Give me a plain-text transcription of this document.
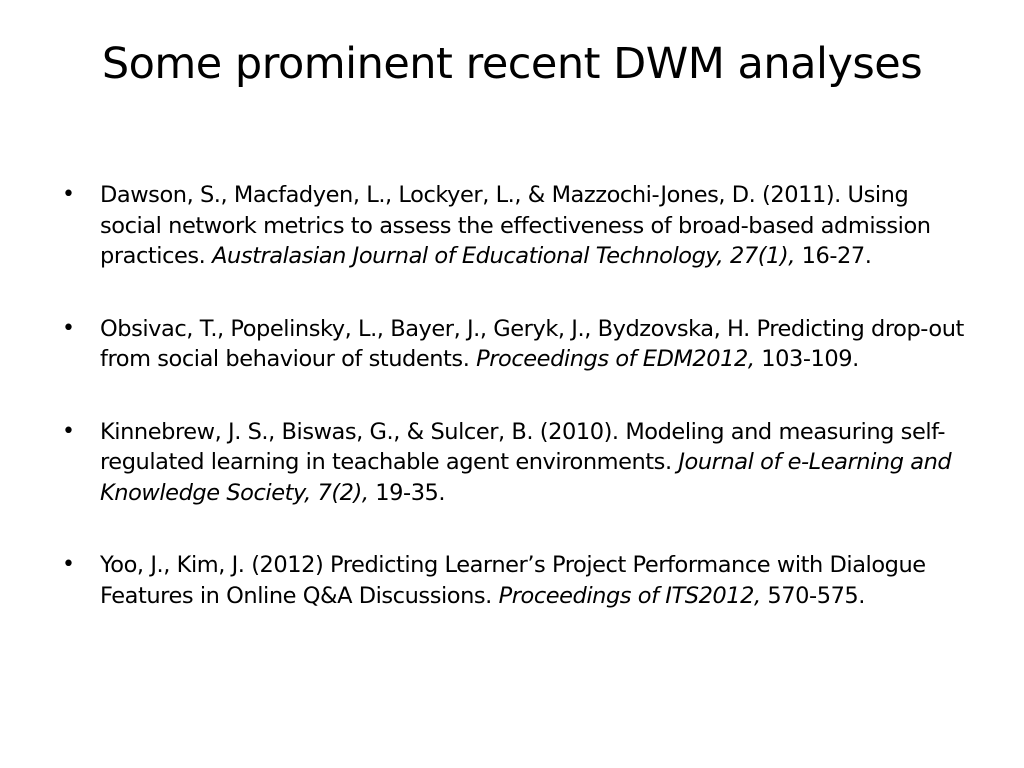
Some prominent recent DWM analyses
• Dawson, S., Macfadyen, L., Lockyer, L., & Mazzochi-Jones, D. (2011). Using social network metrics to assess the effectiveness of broad-based admission practices. Australasian Journal of Educational Technology, 27(1), 16-27.
• Obsivac, T., Popelinsky, L., Bayer, J., Geryk, J., Bydzovska, H. Predicting drop-out from social behaviour of students. Proceedings of EDM2012, 103-109.
• Kinnebrew, J. S., Biswas, G., & Sulcer, B. (2010). Modeling and measuring self-regulated learning in teachable agent environments. Journal of e-Learning and Knowledge Society, 7(2), 19-35.
• Yoo, J., Kim, J. (2012) Predicting Learner’s Project Performance with Dialogue Features in Online Q&A Discussions. Proceedings of ITS2012, 570-575.
